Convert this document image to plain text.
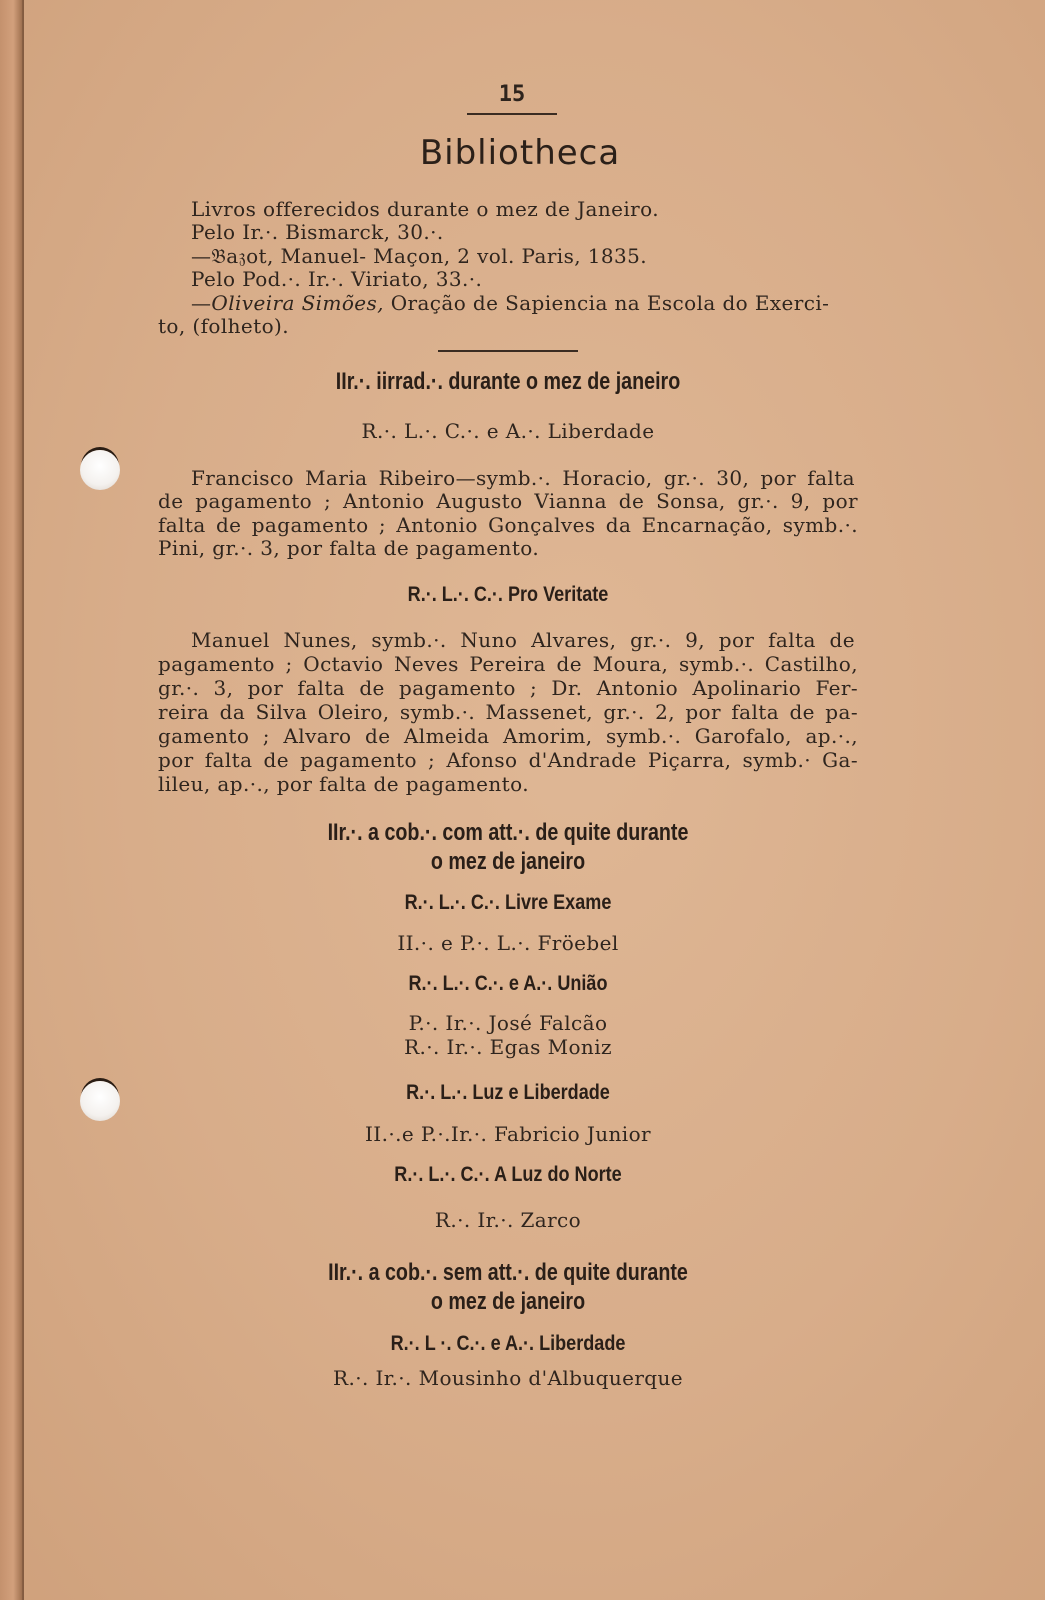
15
Bibliotheca
Livros offerecidos durante o mez de Janeiro.
Pelo Ir.·. Bismarck, 30.·.
—𝔅a𝔷ot, Manuel- Maçon, 2 vol. Paris, 1835.
Pelo Pod.·. Ir.·. Viriato, 33.·.
—Oliveira Simões, Oração de Sapiencia na Escola do Exerci-
to, (folheto).
IIr.·. iirrad.·. durante o mez de janeiro
R.·. L.·. C.·. e A.·. Liberdade
Francisco Maria Ribeiro—symb.·. Horacio, gr.·. 30, por falta
de pagamento ; Antonio Augusto Vianna de Sonsa, gr.·. 9, por
falta de pagamento ; Antonio Gonçalves da Encarnação, symb.·.
Pini, gr.·. 3, por falta de pagamento.
R.·. L.·. C.·. Pro Veritate
Manuel Nunes, symb.·. Nuno Alvares, gr.·. 9, por falta de
pagamento ; Octavio Neves Pereira de Moura, symb.·. Castilho,
gr.·. 3, por falta de pagamento ; Dr. Antonio Apolinario Fer-
reira da Silva Oleiro, symb.·. Massenet, gr.·. 2, por falta de pa-
gamento ; Alvaro de Almeida Amorim, symb.·. Garofalo, ap.·.,
por falta de pagamento ; Afonso d'Andrade Piçarra, symb.· Ga-
lileu, ap.·., por falta de pagamento.
IIr.·. a cob.·. com att.·. de quite durante
o mez de janeiro
R.·. L.·. C.·. Livre Exame
II.·. e P.·. L.·. Fröebel
R.·. L.·. C.·. e A.·. União
P.·. Ir.·. José Falcão
R.·. Ir.·. Egas Moniz
R.·. L.·. Luz e Liberdade
II.·.e P.·.Ir.·. Fabricio Junior
R.·. L.·. C.·. A Luz do Norte
R.·. Ir.·. Zarco
IIr.·. a cob.·. sem att.·. de quite durante
o mez de janeiro
R.·. L ·. C.·. e A.·. Liberdade
R.·. Ir.·. Mousinho d'Albuquerque
